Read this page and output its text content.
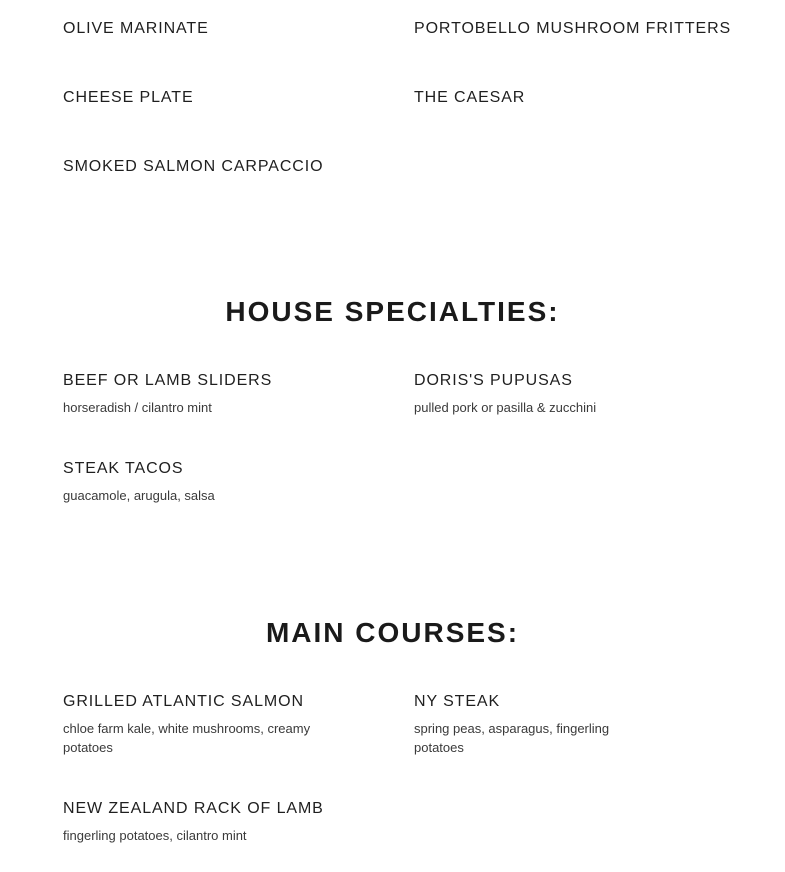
OLIVE MARINATE	PORTOBELLO MUSHROOM FRITTERS
CHEESE PLATE	THE CAESAR
SMOKED SALMON CARPACCIO
HOUSE SPECIALTIES:
BEEF OR LAMB SLIDERS
horseradish / cilantro mint
DORIS'S PUPUSAS
pulled pork or pasilla & zucchini
STEAK TACOS
guacamole, arugula, salsa
MAIN COURSES:
GRILLED ATLANTIC SALMON
chloe farm kale, white mushrooms, creamy potatoes
NY STEAK
spring peas, asparagus, fingerling potatoes
NEW ZEALAND RACK OF LAMB
fingerling potatoes, cilantro mint
